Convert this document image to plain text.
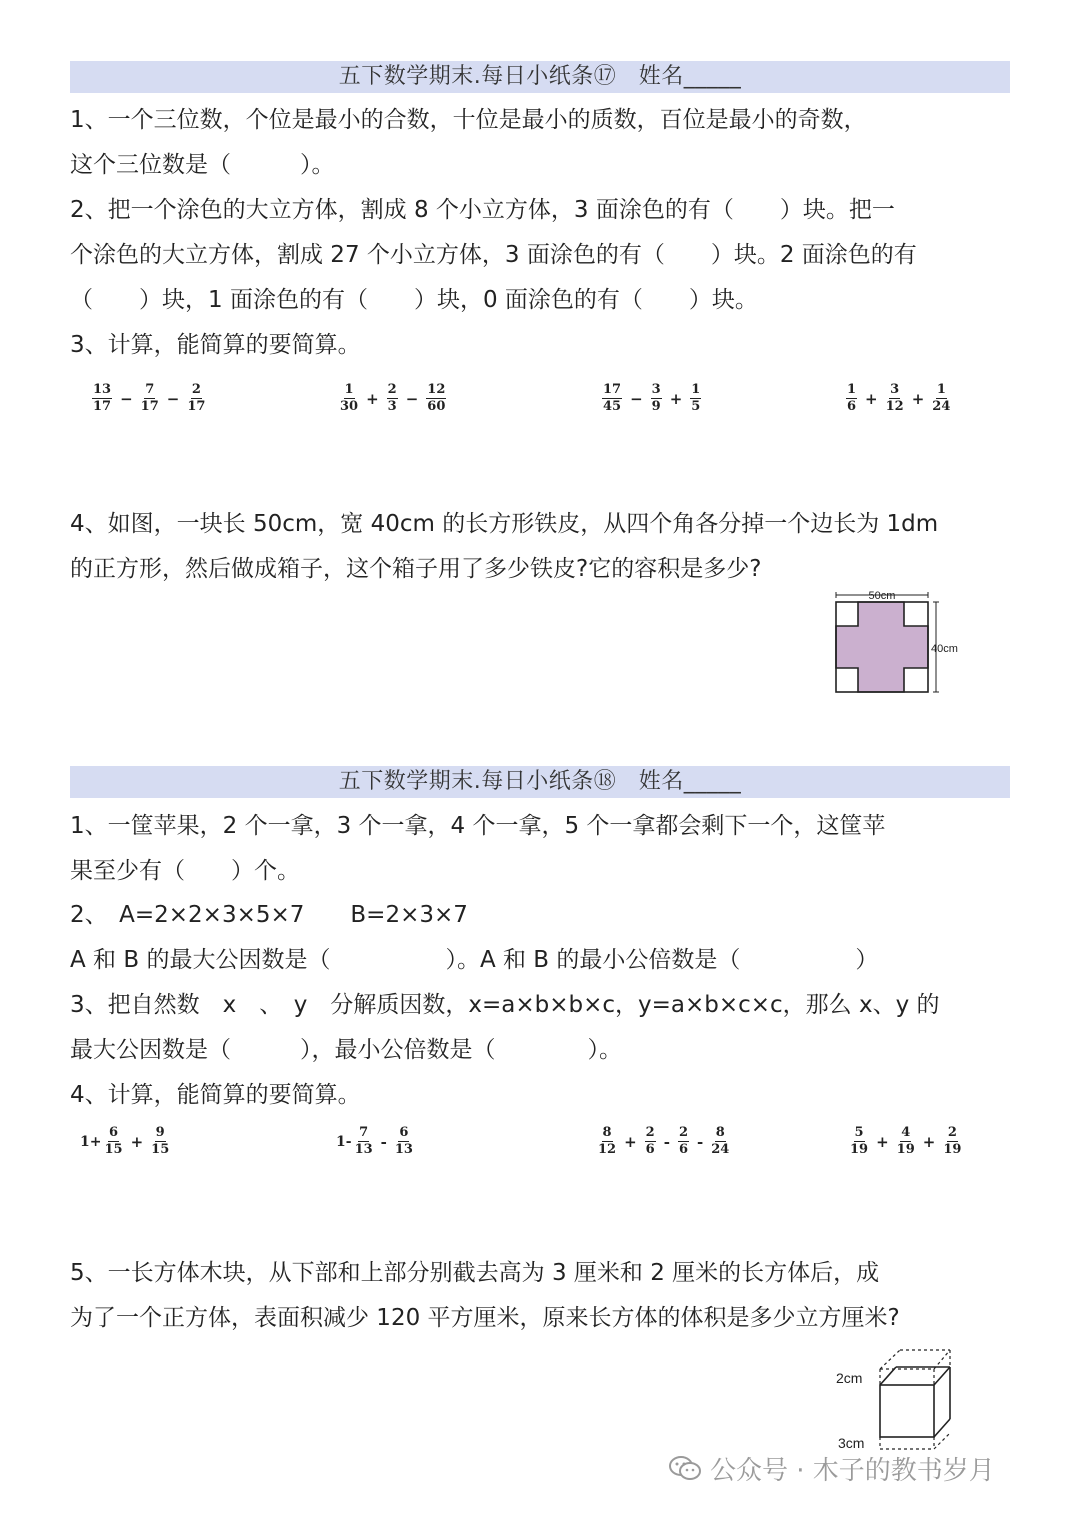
五下数学期末.每日小纸条⑰　姓名_____
1、一个三位数，个位是最小的合数，十位是最小的质数，百位是最小的奇数，
这个三位数是（　　　）。
2、把一个涂色的大立方体，割成 8 个小立方体，3 面涂色的有（　　）块。把一
个涂色的大立方体，割成 27 个小立方体，3 面涂色的有（　　）块。2 面涂色的有
（　　）块，1 面涂色的有（　　）块，0 面涂色的有（　　）块。
3、计算，能简算的要简算。
$\frac{13}{17} - \frac{7}{17} - \frac{2}{17}$	$\frac{1}{30} + \frac{2}{3} - \frac{12}{60}$	$\frac{17}{45} - \frac{3}{9} + \frac{1}{5}$	$\frac{1}{6} + \frac{3}{12} + \frac{1}{24}$
4、如图，一块长 50cm，宽 40cm 的长方形铁皮，从四个角各分掉一个边长为 1dm
的正方形，然后做成箱子，这个箱子用了多少铁皮?它的容积是多少?
50cm
40cm
五下数学期末.每日小纸条⑱　姓名_____
1、一筐苹果，2 个一拿，3 个一拿，4 个一拿，5 个一拿都会剩下一个，这筐苹
果至少有（　　）个。
2、　A=2×2×3×5×7　　B=2×3×7
A 和 B 的最大公因数是（　　　　　）。A 和 B 的最小公倍数是（　　　　　）
3、把自然数　x　、　y　分解质因数，x=a×b×b×c，y=a×b×c×c，那么 x、y 的
最大公因数是（　　　），最小公倍数是（　　　　）。
4、计算，能简算的要简算。
$1+ \frac{6}{15} + \frac{9}{15}$	$1- \frac{7}{13} - \frac{6}{13}$	$\frac{8}{12} + \frac{2}{6} - \frac{2}{6} - \frac{8}{24}$	$\frac{5}{19} + \frac{4}{19} + \frac{2}{19}$
5、一长方体木块，从下部和上部分别截去高为 3 厘米和 2 厘米的长方体后，成
为了一个正方体，表面积减少 120 平方厘米，原来长方体的体积是多少立方厘米?
2cm
3cm
公众号 · 木子的教书岁月
